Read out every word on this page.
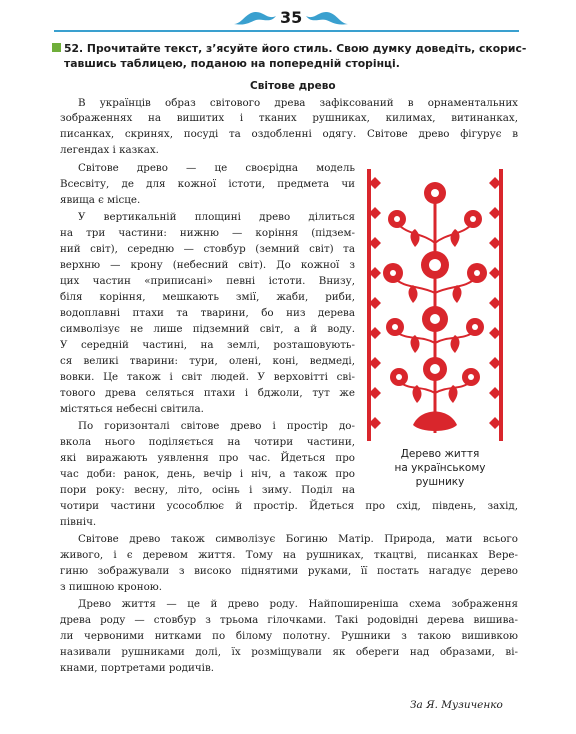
35
52. Прочитайте текст, з’ясуйте його стиль. Свою думку доведіть, скорис-
тавшись таблицею, поданою на попередній сторінці.
Світове древо
В українців образ світового древа зафіксований в орнаментальних
зображеннях на вишитих і тканих рушниках, килимах, витинанках,
писанках, скринях, посуді та оздобленні одягу. Світове древо фігурує в
легендах і казках.
Світове древо — це своєрідна модель
Всесвіту, де для кожної істоти, предмета чи
явища є місце.
У вертикальній площині древо ділиться
на три частини: нижню — коріння (підзем-
ний світ), середню — стовбур (земний світ) та
верхню — крону (небесний світ). До кожної з
цих частин «приписані» певні істоти. Внизу,
біля коріння, мешкають змії, жаби, риби,
водоплавні птахи та тварини, бо низ дерева
символізує не лише підземний світ, а й воду.
У середній частині, на землі, розташовують-
ся великі тварини: тури, олені, коні, ведмеді,
вовки. Це також і світ людей. У верховітті сві-
тового древа селяться птахи і бджоли, тут же
містяться небесні світила.
По горизонталі світове древо і простір до-
вкола нього поділяється на чотири частини,
які виражають уявлення про час. Йдеться про
час доби: ранок, день, вечір і ніч, а також про
пори року: весну, літо, осінь і зиму. Поділ на
чотири частини усособлює й простір. Йдеться про схід, південь, захід,
північ.
Світове древо також символізує Богиню Матір. Природа, мати всього
живого, і є деревом життя. Тому на рушниках, ткацтві, писанках Вере-
гиню зображували з високо піднятими руками, її постать нагадує дерево
з пишною кроною.
Древо життя — це й древо роду. Найпоширеніша схема зображення
древа роду — стовбур з трьома гілочками. Такі родовідні дерева вишива-
ли червоними нитками по білому полотну. Рушники з такою вишивкою
називали рушниками долі, їх розміщували як обереги над образами, ві-
кнами, портретами родичів.
Дерево життя
на українському
рушнику
За Я. Музиченко
